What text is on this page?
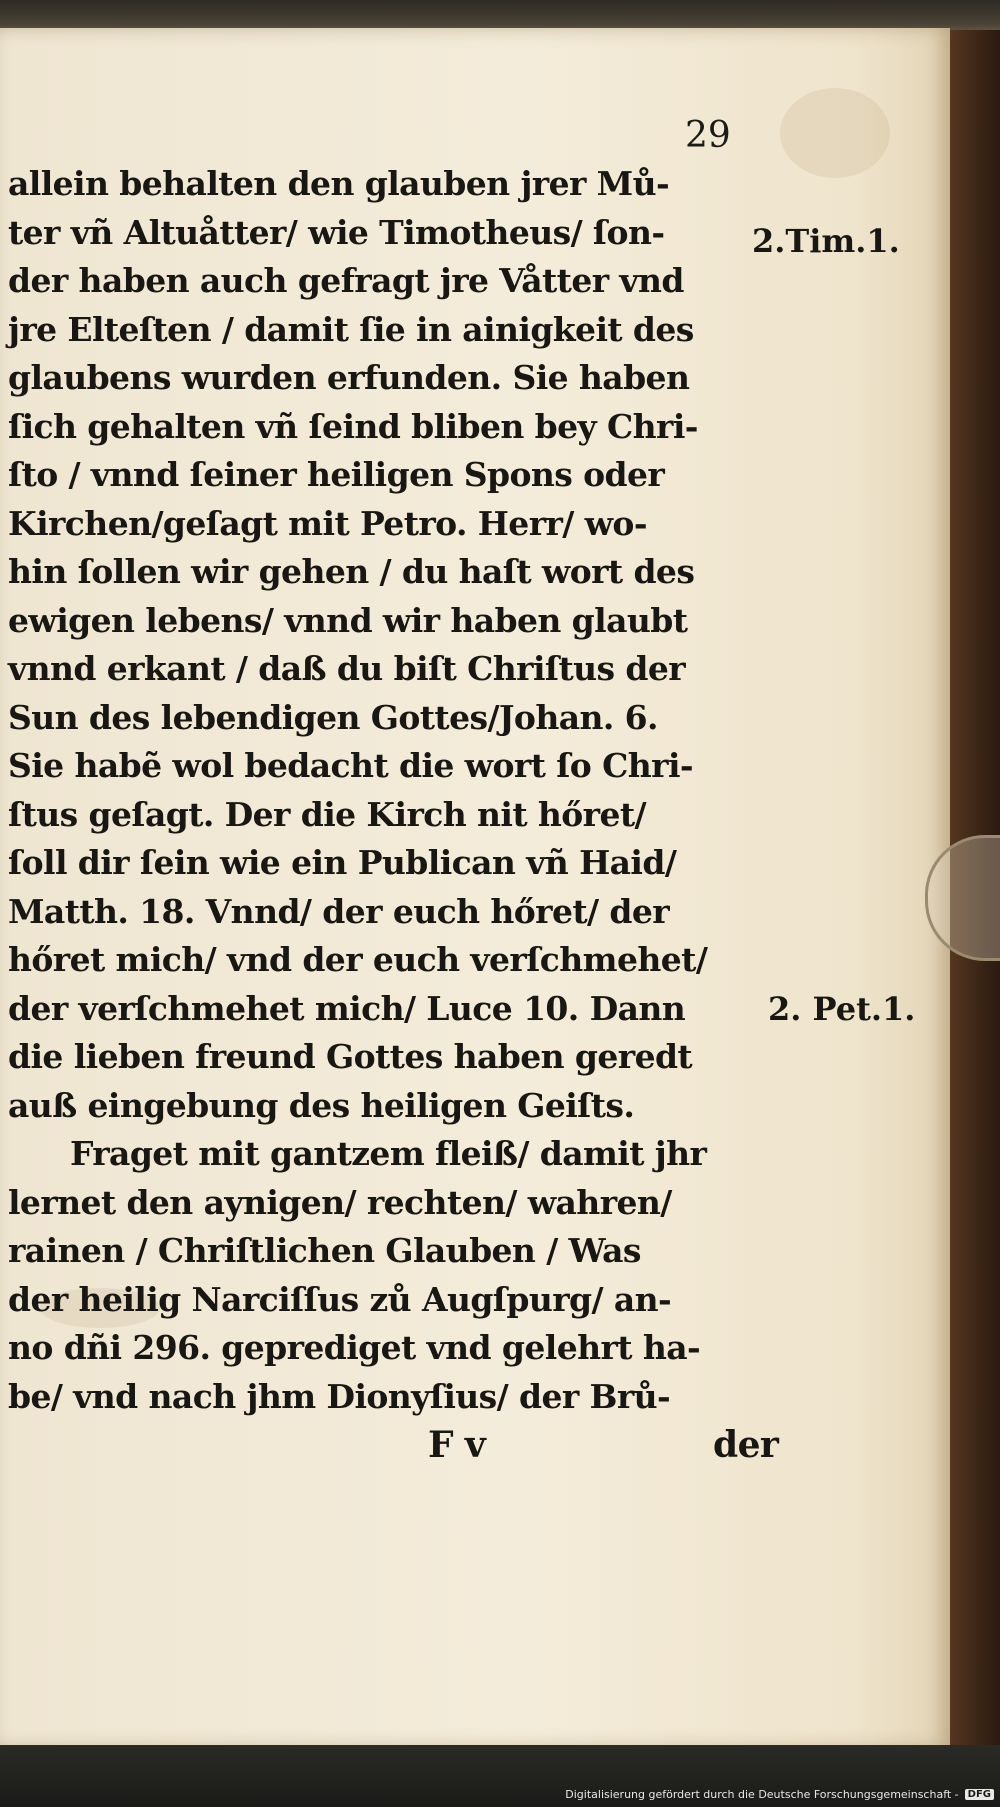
29
2.Tim.1.
2. Pet.1.
allein behalten den glauben jrer Mů-
ter vñ Altuåtter/ wie Timotheus/ ſon-
der haben auch gefragt jre Våtter vnd
jre Elteſten / damit ſie in ainigkeit des
glaubens wurden erfunden. Sie haben
ſich gehalten vñ ſeind bliben bey Chri-
ſto / vnnd ſeiner heiligen Spons oder
Kirchen/geſagt mit Petro. Herr/ wo-
hin ſollen wir gehen / du haſt wort des
ewigen lebens/ vnnd wir haben glaubt
vnnd erkant / daß du biſt Chriſtus der
Sun des lebendigen Gottes/Johan. 6.
Sie habẽ wol bedacht die wort ſo Chri-
ſtus geſagt. Der die Kirch nit hőret/
ſoll dir ſein wie ein Publican vñ Haid/
Matth. 18. Vnnd/ der euch hőret/ der
hőret mich/ vnd der euch verſchmehet/
der verſchmehet mich/ Luce 10. Dann
die lieben freund Gottes haben geredt
auß eingebung des heiligen Geiſts.
Fraget mit gantzem fleiß/ damit jhr
lernet den aynigen/ rechten/ wahren/
rainen / Chriſtlichen Glauben / Was
der heilig Narciſſus zů Augſpurg/ an-
no dñi 296. geprediget vnd gelehrt ha-
be/ vnd nach jhm Dionyſius/ der Brů-
F v	der
Digitalisierung gefördert durch die Deutsche Forschungsgemeinschaft - DFG
